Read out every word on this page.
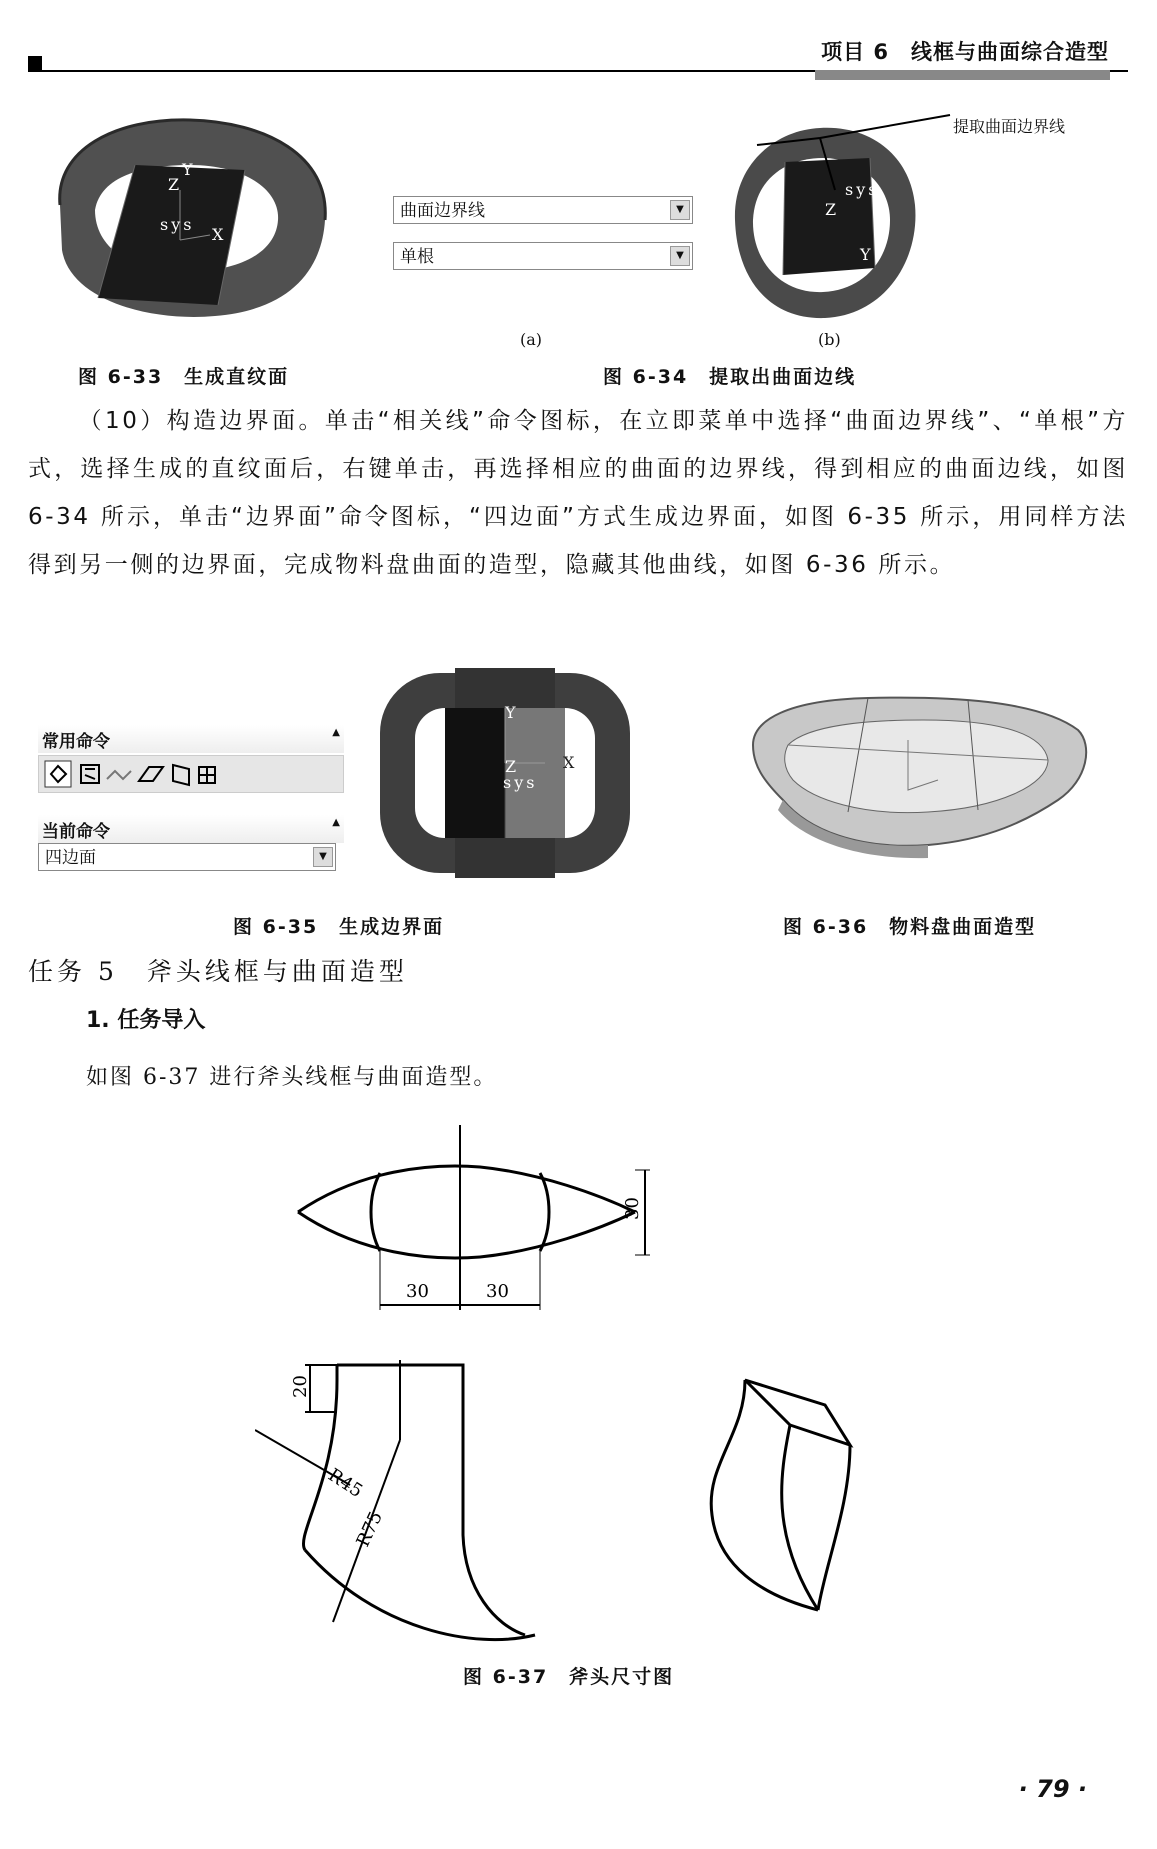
项目 6　线框与曲面综合造型
Y
Z
sys
X
图 6-33　生成直纹面
曲面边界线	▼
单根	▼
(a)
提取曲面边界线
sys
Z
X
Y
(b)
图 6-34　提取出曲面边线

（10）构造边界面。单击“相关线”命令图标，在立即菜单中选择“曲面边界线”、“单根”方式，选择生成的直纹面后，右键单击，再选择相应的曲面的边界线，得到相应的曲面边线，如图 6-34 所示，单击“边界面”命令图标，“四边面”方式生成边界面，如图 6-35 所示，用同样方法得到另一侧的边界面，完成物料盘曲面的造型，隐藏其他曲线，如图 6-36 所示。

常用命令	▲
当前命令	▲
四边面	▼
Y
Z
sys
X
图 6-35　生成边界面	图 6-36　物料盘曲面造型
任务 5　斧头线框与曲面造型
1. 任务导入
如图 6-37 进行斧头线框与曲面造型。
30
30	30
20
R45
R75
图 6-37　斧头尺寸图
· 79 ·
